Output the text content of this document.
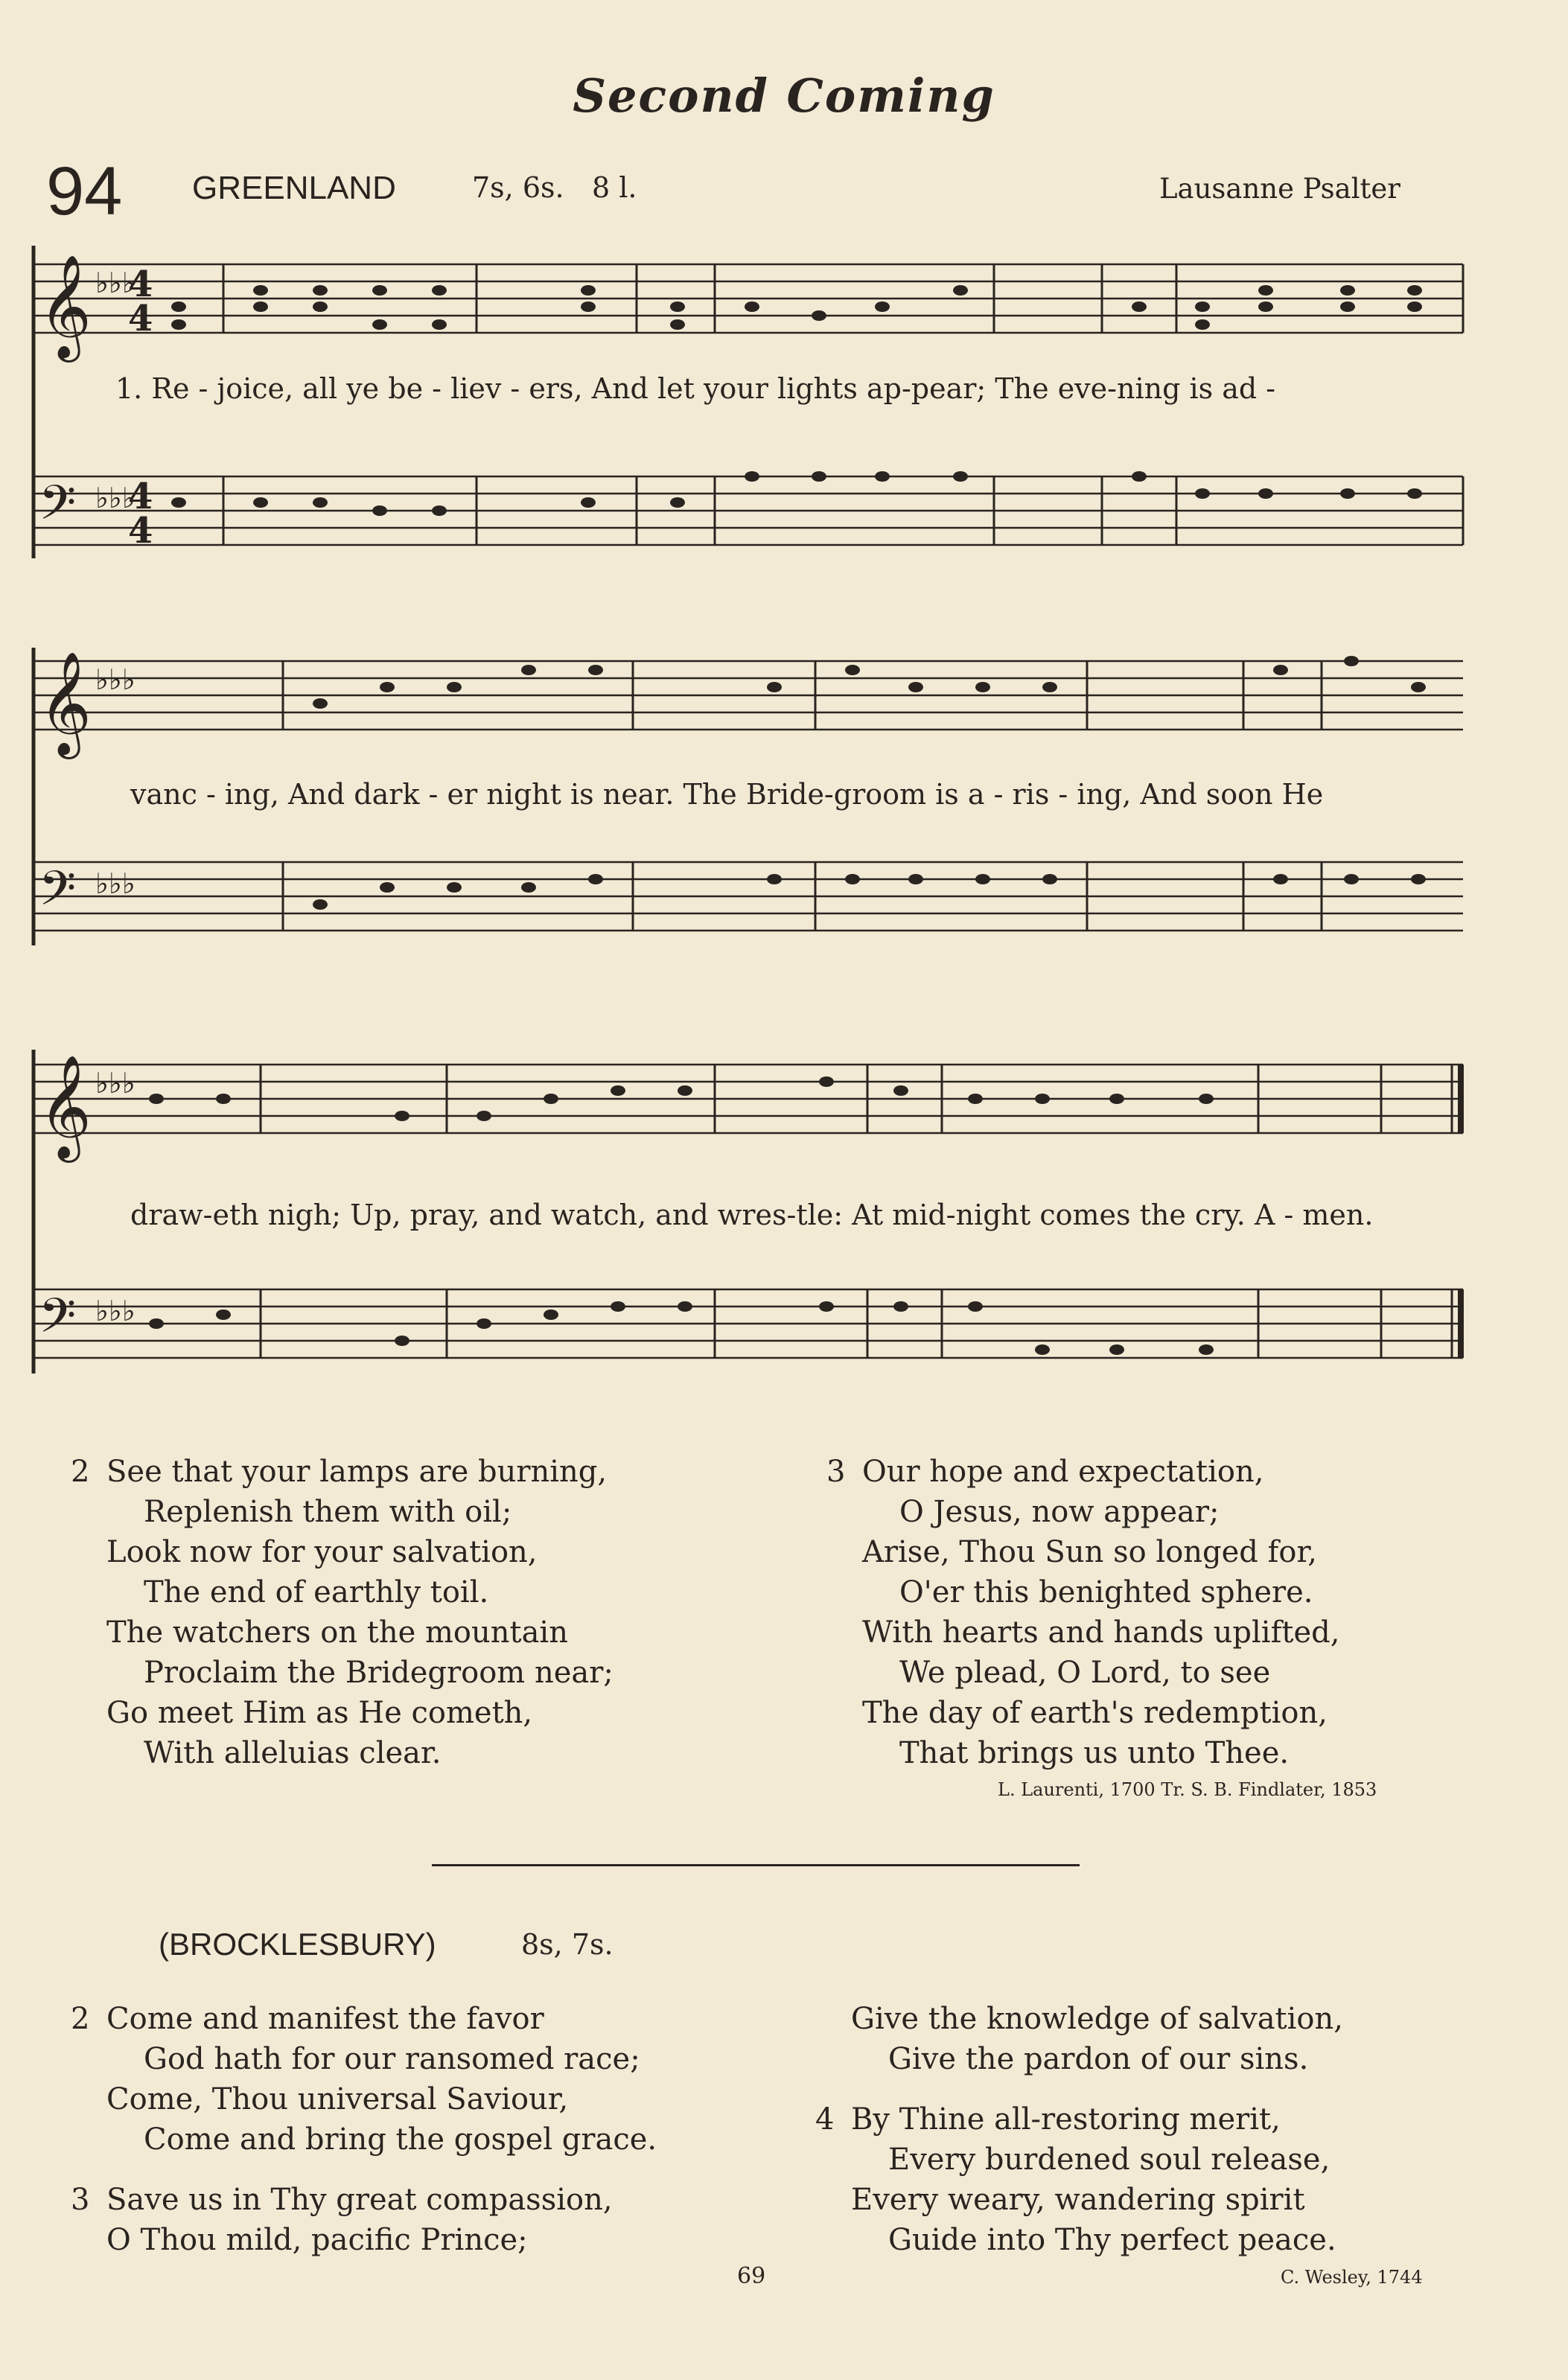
Second Coming
94 GREENLAND	7s, 6s. 8 l.	Lausanne Psalter
𝄞
𝄢
𝄞
𝄢
𝄞
𝄢
♭♭♭
♭♭♭
♭♭♭
♭♭♭
♭♭♭
♭♭♭
4
4
4
4
1. Re - joice, all ye be - liev - ers, And let your lights ap-pear; The eve-ning is ad -
vanc - ing, And dark - er night is near. The Bride-groom is a - ris - ing, And soon He
draw-eth nigh; Up, pray, and watch, and wres-tle: At mid-night comes the cry. A - men.
2 See that your lamps are burning,
Replenish them with oil;
Look now for your salvation,
The end of earthly toil.
The watchers on the mountain
Proclaim the Bridegroom near;
Go meet Him as He cometh,
With alleluias clear.
3 Our hope and expectation,
O Jesus, now appear;
Arise, Thou Sun so longed for,
O'er this benighted sphere.
With hearts and hands uplifted,
We plead, O Lord, to see
The day of earth's redemption,
That brings us unto Thee.
L. Laurenti, 1700 Tr. S. B. Findlater, 1853
(BROCKLESBURY)	8s, 7s.
2 Come and manifest the favor
God hath for our ransomed race;
Come, Thou universal Saviour,
Come and bring the gospel grace.
3 Save us in Thy great compassion,
O Thou mild, pacific Prince;
Give the knowledge of salvation,
Give the pardon of our sins.
4 By Thine all-restoring merit,
Every burdened soul release,
Every weary, wandering spirit
Guide into Thy perfect peace.
69	C. Wesley, 1744
